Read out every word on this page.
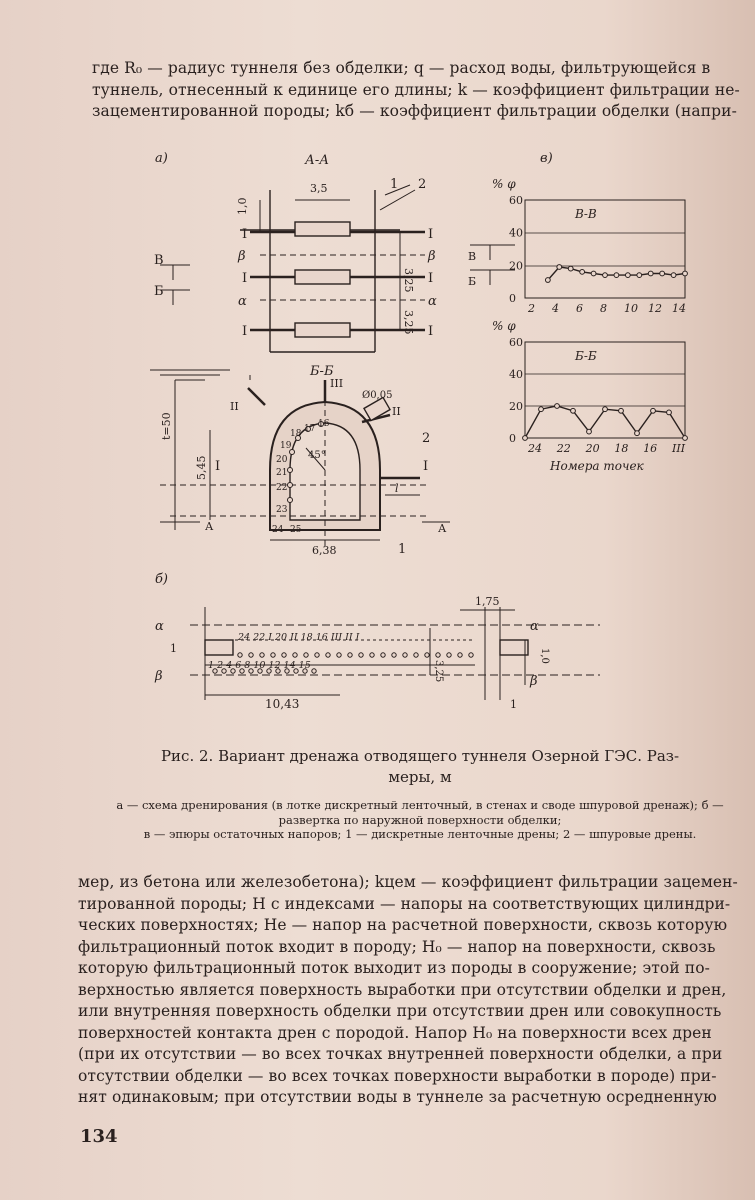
где R₀ — радиус туннеля без обделки; q — расход воды, фильтрующейся в
туннель, отнесенный к единице его длины; k — коэффициент фильтрации не-
зацементированной породы; kб — коэффициент фильтрации обделки (напри-
0
20
40
60
2 4 6 8 10 12 14
0
20
40
60
24 22 20 18 16 III
а)	А-А
3,5
1,0
3,25
3,25
1 2
I	I
β	β
I	I
α	α
I	I
В
Б
Б-Б
t=50
5,45
6,38
Ø0,05
45°
l
II
III
II
I	I
2
1
А	А
16
17
18
19
20
21
22
23
24 25
б)
1,75
α
β
α
β
1
1
3,25
1,0
24 22 I 20 II 18 16 III II I
1 2 4 6 8 10 12 14 15
10,43
в)
% φ
В-В
% φ
Б-Б
Номера точек
В
Б
Рис. 2. Вариант дренажа отводящего туннеля Озерной ГЭС. Раз-
меры, м
а — схема дренирования (в лотке дискретный ленточный, в стенах и своде шпуровой дренаж); б — развертка по наружной поверхности обделки;
в — эпюры остаточных напоров; 1 — дискретные ленточные дрены; 2 — шпуровые дрены.
мер, из бетона или железобетона); kцем — коэффициент фильтрации зацемен-
тированной породы; H с индексами — напоры на соответствующих цилиндри-
ческих поверхностях; Hе — напор на расчетной поверхности, сквозь которую
фильтрационный поток входит в породу; H₀ — напор на поверхности, сквозь
которую фильтрационный поток выходит из породы в сооружение; этой по-
верхностью является поверхность выработки при отсутствии обделки и дрен,
или внутренняя поверхность обделки при отсутствии дрен или совокупность
поверхностей контакта дрен с породой. Напор H₀ на поверхности всех дрен
(при их отсутствии — во всех точках внутренней поверхности обделки, а при
отсутствии обделки — во всех точках поверхности выработки в породе) при-
нят одинаковым; при отсутствии воды в туннеле за расчетную осредненную
134
